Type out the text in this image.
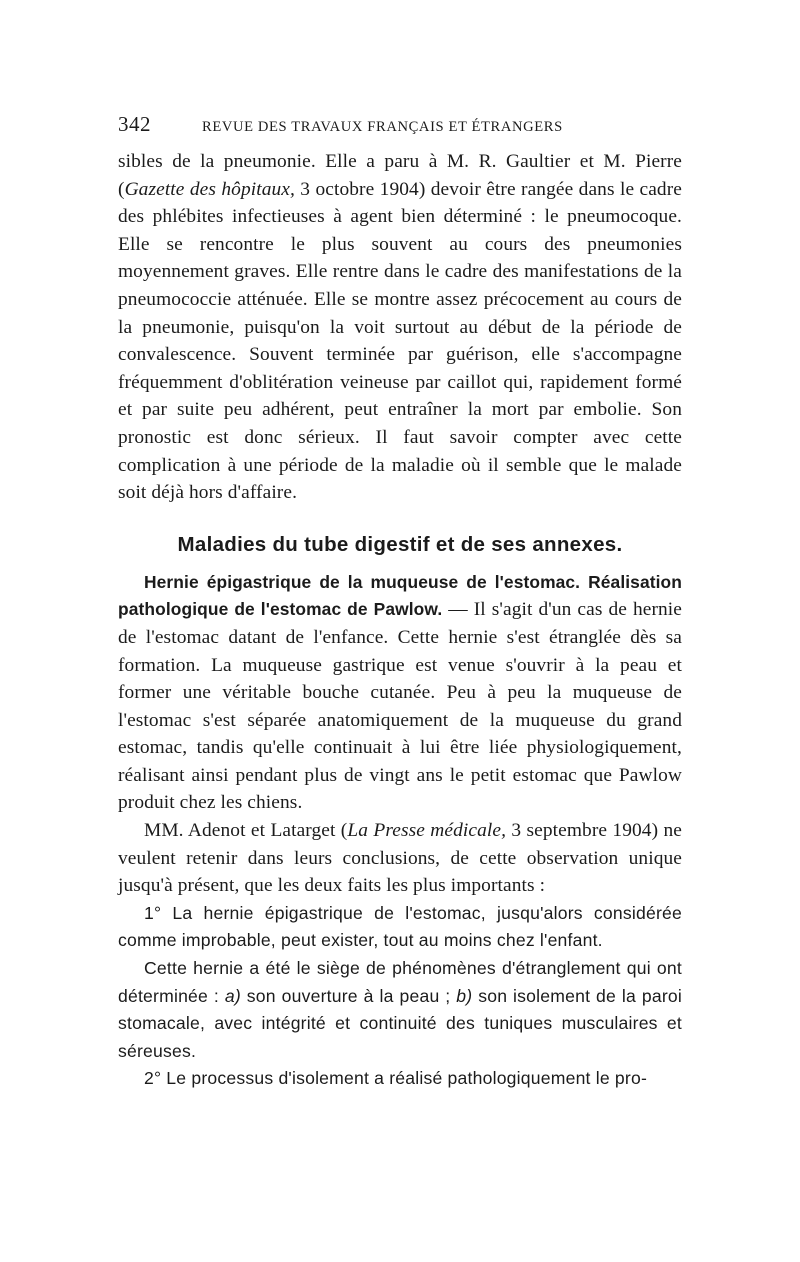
342	REVUE DES TRAVAUX FRANÇAIS ET ÉTRANGERS

sibles de la pneumonie. Elle a paru à M. R. Gaultier et M. Pierre (Gazette des hôpitaux, 3 octobre 1904) devoir être rangée dans le cadre des phlébites infectieuses à agent bien déterminé : le pneumocoque. Elle se rencontre le plus souvent au cours des pneumonies moyennement graves. Elle rentre dans le cadre des manifestations de la pneumococcie atténuée. Elle se montre assez précocement au cours de la pneumonie, puisqu'on la voit surtout au début de la période de convalescence. Souvent terminée par guérison, elle s'accompagne fréquemment d'oblitération veineuse par caillot qui, rapidement formé et par suite peu adhérent, peut entraîner la mort par embolie. Son pronostic est donc sérieux. Il faut savoir compter avec cette complication à une période de la maladie où il semble que le malade soit déjà hors d'affaire.

Maladies du tube digestif et de ses annexes.

Hernie épigastrique de la muqueuse de l'estomac. Réalisation pathologique de l'estomac de Pawlow. — Il s'agit d'un cas de hernie de l'estomac datant de l'enfance. Cette hernie s'est étranglée dès sa formation. La muqueuse gastrique est venue s'ouvrir à la peau et former une véritable bouche cutanée. Peu à peu la muqueuse de l'estomac s'est séparée anatomiquement de la muqueuse du grand estomac, tandis qu'elle continuait à lui être liée physiologiquement, réalisant ainsi pendant plus de vingt ans le petit estomac que Pawlow produit chez les chiens.

MM. Adenot et Latarget (La Presse médicale, 3 septembre 1904) ne veulent retenir dans leurs conclusions, de cette observation unique jusqu'à présent, que les deux faits les plus importants :

1° La hernie épigastrique de l'estomac, jusqu'alors considérée comme improbable, peut exister, tout au moins chez l'enfant.

Cette hernie a été le siège de phénomènes d'étranglement qui ont déterminée : a) son ouverture à la peau ; b) son isolement de la paroi stomacale, avec intégrité et continuité des tuniques musculaires et séreuses.

2° Le processus d'isolement a réalisé pathologiquement le pro-
